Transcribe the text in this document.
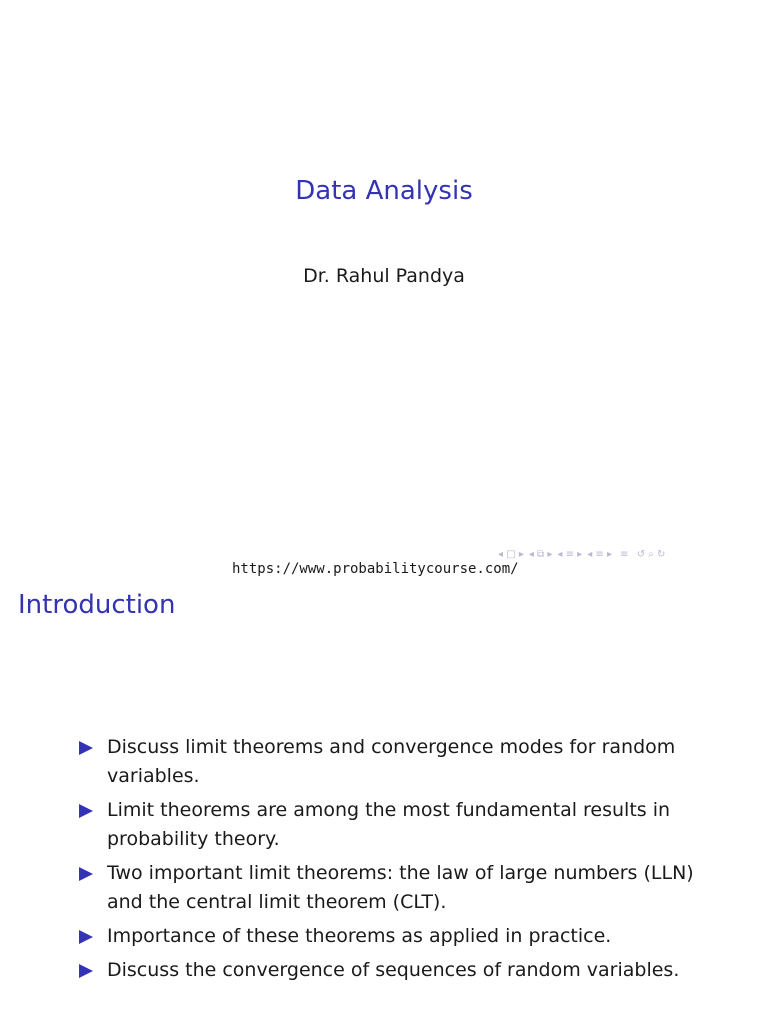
Data Analysis
Dr. Rahul Pandya
◂ □ ▸ ◂ ⧉ ▸ ◂ ≡ ▸ ◂ ≡ ▸ ≡ ↺ ⌕ ↻
https://www.probabilitycourse.com/
Introduction
Discuss limit theorems and convergence modes for random variables.
Limit theorems are among the most fundamental results in probability theory.
Two important limit theorems: the law of large numbers (LLN) and the central limit theorem (CLT).
Importance of these theorems as applied in practice.
Discuss the convergence of sequences of random variables.
